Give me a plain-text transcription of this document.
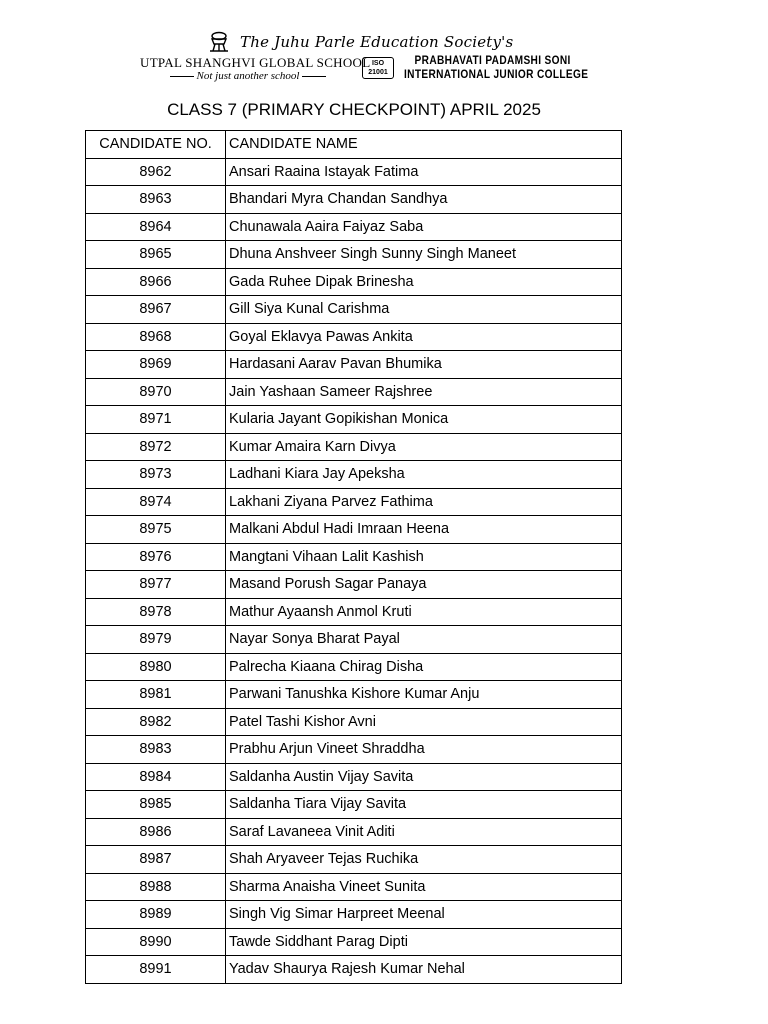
The Juhu Parle Education Society's
UTPAL SHANGHVI GLOBAL SCHOOL
Not just another school
ISO
21001
PRABHAVATI PADAMSHI SONI
INTERNATIONAL JUNIOR COLLEGE
CLASS 7 (PRIMARY CHECKPOINT) APRIL 2025
CANDIDATE NO.	CANDIDATE NAME
8962	Ansari Raaina Istayak Fatima
8963	Bhandari Myra Chandan Sandhya
8964	Chunawala Aaira Faiyaz Saba
8965	Dhuna Anshveer Singh Sunny Singh Maneet
8966	Gada Ruhee Dipak Brinesha
8967	Gill Siya Kunal Carishma
8968	Goyal Eklavya Pawas Ankita
8969	Hardasani Aarav Pavan Bhumika
8970	Jain Yashaan Sameer Rajshree
8971	Kularia Jayant Gopikishan Monica
8972	Kumar Amaira Karn Divya
8973	Ladhani Kiara Jay Apeksha
8974	Lakhani Ziyana Parvez Fathima
8975	Malkani Abdul Hadi Imraan Heena
8976	Mangtani Vihaan Lalit Kashish
8977	Masand Porush Sagar Panaya
8978	Mathur Ayaansh Anmol Kruti
8979	Nayar Sonya Bharat Payal
8980	Palrecha Kiaana Chirag Disha
8981	Parwani Tanushka Kishore Kumar Anju
8982	Patel Tashi Kishor Avni
8983	Prabhu Arjun Vineet Shraddha
8984	Saldanha Austin Vijay Savita
8985	Saldanha Tiara Vijay Savita
8986	Saraf Lavaneea Vinit Aditi
8987	Shah Aryaveer Tejas Ruchika
8988	Sharma Anaisha Vineet Sunita
8989	Singh Vig Simar Harpreet Meenal
8990	Tawde Siddhant Parag Dipti
8991	Yadav Shaurya Rajesh Kumar Nehal
